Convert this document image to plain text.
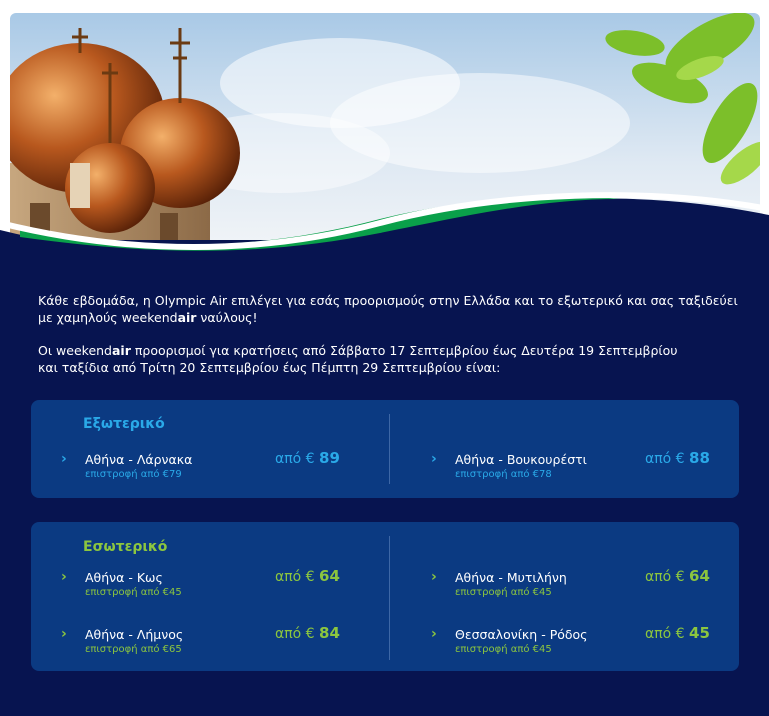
Κάθε εβδομάδα, η Olympic Air επιλέγει για εσάς προορισμούς στην Ελλάδα και το εξωτερικό και σας ταξιδεύει
με χαμηλούς weekendair ναύλους!

Οι weekendair προορισμοί για κρατήσεις από Σάββατο 17 Σεπτεμβρίου έως Δευτέρα 19 Σεπτεμβρίου
και ταξίδια από Τρίτη 20 Σεπτεμβρίου έως Πέμπτη 29 Σεπτεμβρίου είναι:

Εξωτερικό
› Αθήνα - Λάρνακα
επιστροφή από €79
από € 89	› Αθήνα - Βουκουρέστι
επιστροφή από €78
από € 88
Εσωτερικό
› Αθήνα - Κως
επιστροφή από €45
από € 64	› Αθήνα - Μυτιλήνη
επιστροφή από €45
από € 64
› Αθήνα - Λήμνος
επιστροφή από €65
από € 84	› Θεσσαλονίκη - Ρόδος
επιστροφή από €45
από € 45
